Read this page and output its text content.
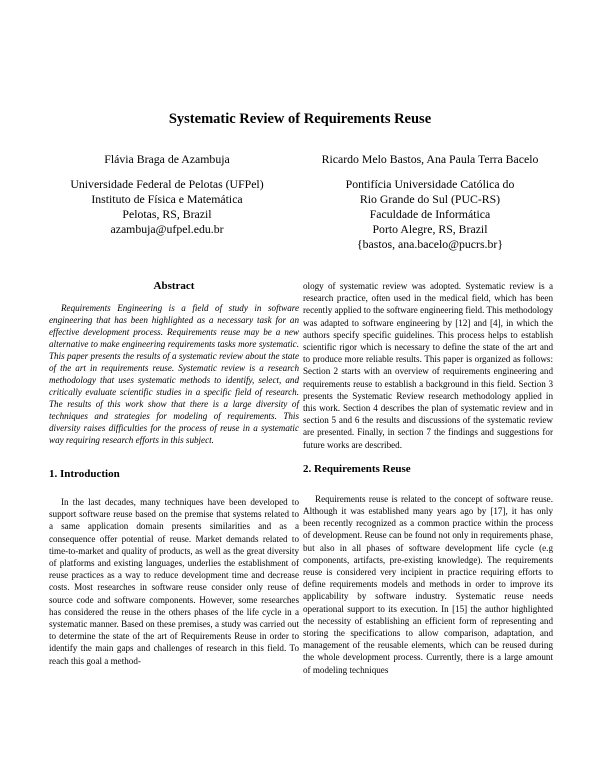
Systematic Review of Requirements Reuse
Flávia Braga de Azambuja
Universidade Federal de Pelotas (UFPel)
Instituto de Física e Matemática
Pelotas, RS, Brazil
azambuja@ufpel.edu.br
Ricardo Melo Bastos, Ana Paula Terra Bacelo
Pontifícia Universidade Católica do
Rio Grande do Sul (PUC-RS)
Faculdade de Informática
Porto Alegre, RS, Brazil
{bastos, ana.bacelo@pucrs.br}

Abstract

Requirements Engineering is a field of study in software engineering that has been highlighted as a necessary task for an effective development process. Requirements reuse may be a new alternative to make engineering requirements tasks more systematic. This paper presents the results of a systematic review about the state of the art in requirements reuse. Systematic review is a research methodology that uses systematic methods to identify, select, and critically evaluate scientific studies in a specific field of research. The results of this work show that there is a large diversity of techniques and strategies for modeling of requirements. This diversity raises difficulties for the process of reuse in a systematic way requiring research efforts in this subject.

1. Introduction

In the last decades, many techniques have been developed to support software reuse based on the premise that systems related to a same application domain presents similarities and as a consequence offer potential of reuse. Market demands related to time-to-market and quality of products, as well as the great diversity of platforms and existing languages, underlies the establishment of reuse practices as a way to reduce development time and decrease costs. Most researches in software reuse consider only reuse of source code and software components. However, some researches has considered the reuse in the others phases of the life cycle in a systematic manner. Based on these premises, a study was carried out to determine the state of the art of Requirements Reuse in order to identify the main gaps and challenges of research in this field. To reach this goal a method-

ology of systematic review was adopted. Systematic review is a research practice, often used in the medical field, which has been recently applied to the software engineering field. This methodology was adapted to software engineering by [12] and [4], in which the authors specify specific guidelines. This process helps to establish scientific rigor which is necessary to define the state of the art and to produce more reliable results. This paper is organized as follows: Section 2 starts with an overview of requirements engineering and requirements reuse to establish a background in this field. Section 3 presents the Systematic Review research methodology applied in this work. Section 4 describes the plan of systematic review and in section 5 and 6 the results and discussions of the systematic review are presented. Finally, in section 7 the findings and suggestions for future works are described.

2. Requirements Reuse

Requirements reuse is related to the concept of software reuse. Although it was established many years ago by [17], it has only been recently recognized as a common practice within the process of development. Reuse can be found not only in requirements phase, but also in all phases of software development life cycle (e.g components, artifacts, pre-existing knowledge). The requirements reuse is considered very incipient in practice requiring efforts to define requirements models and methods in order to improve its applicability by software industry. Systematic reuse needs operational support to its execution. In [15] the author highlighted the necessity of establishing an efficient form of representing and storing the specifications to allow comparison, adaptation, and management of the reusable elements, which can be reused during the whole development process. Currently, there is a large amount of modeling techniques
